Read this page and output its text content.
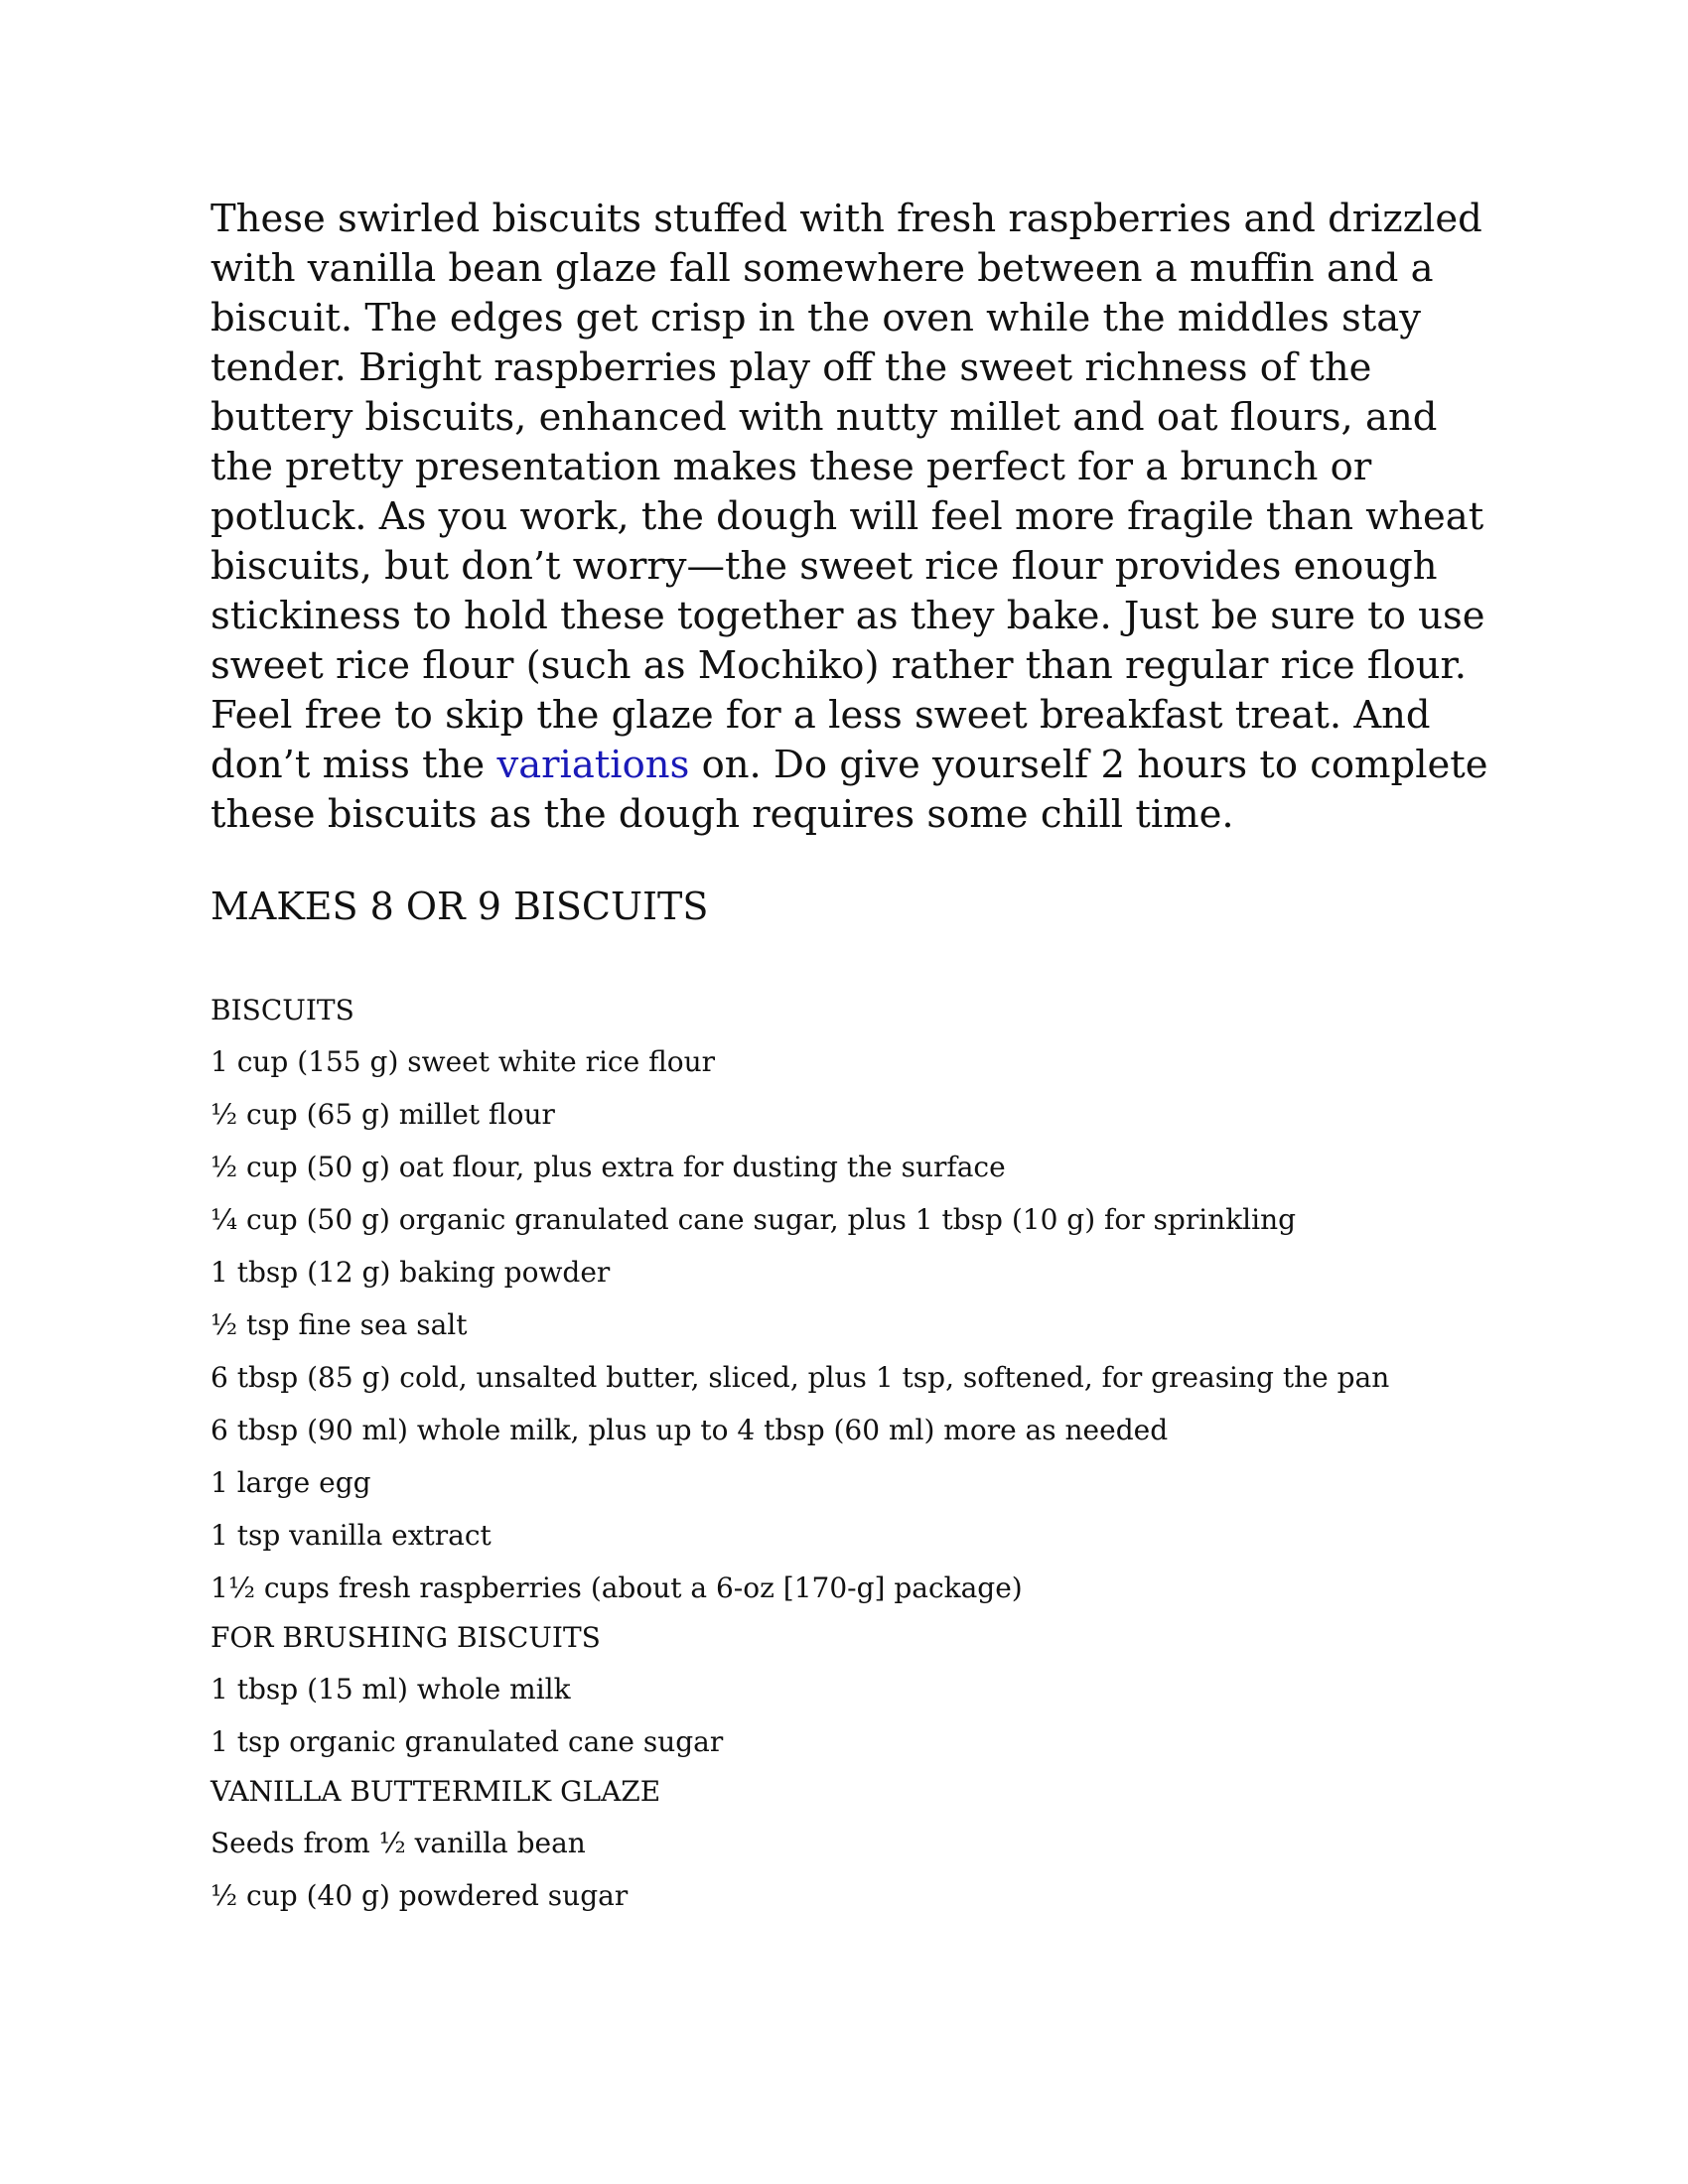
These swirled biscuits stuffed with fresh raspberries and drizzled with vanilla bean glaze fall somewhere between a muffin and a biscuit. The edges get crisp in the oven while the middles stay tender. Bright raspberries play off the sweet richness of the buttery biscuits, enhanced with nutty millet and oat flours, and the pretty presentation makes these perfect for a brunch or potluck. As you work, the dough will feel more fragile than wheat biscuits, but don’t worry—the sweet rice flour provides enough stickiness to hold these together as they bake. Just be sure to use sweet rice flour (such as Mochiko) rather than regular rice flour. Feel free to skip the glaze for a less sweet breakfast treat. And don’t miss the variations on. Do give yourself 2 hours to complete these biscuits as the dough requires some chill time.

MAKES 8 OR 9 BISCUITS

BISCUITS

1 cup (155 g) sweet white rice flour

½ cup (65 g) millet flour

½ cup (50 g) oat flour, plus extra for dusting the surface

¼ cup (50 g) organic granulated cane sugar, plus 1 tbsp (10 g) for sprinkling

1 tbsp (12 g) baking powder

½ tsp fine sea salt

6 tbsp (85 g) cold, unsalted butter, sliced, plus 1 tsp, softened, for greasing the pan

6 tbsp (90 ml) whole milk, plus up to 4 tbsp (60 ml) more as needed

1 large egg

1 tsp vanilla extract

1½ cups fresh raspberries (about a 6-oz [170-g] package)

FOR BRUSHING BISCUITS

1 tbsp (15 ml) whole milk

1 tsp organic granulated cane sugar

VANILLA BUTTERMILK GLAZE

Seeds from ½ vanilla bean

½ cup (40 g) powdered sugar
